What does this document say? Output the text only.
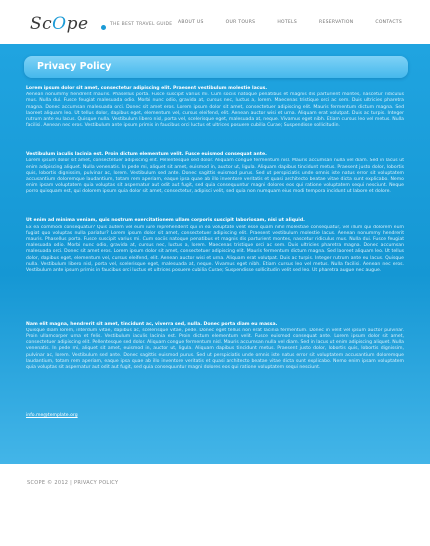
ScOpe	THE BEST TRAVEL GUIDE ABOUT US	OUR TOURS	HOTELS	RESERVATION	CONTACTS
Privacy Policy

Lorem ipsum dolor sit amet, consectetur adipiscing elit. Praesent vestibulum molestie lacus.
Aenean nonummy hendrerit mauris. Phasellus porta. Fusce suscipit varius mi. Cum sociis natoque penatibus et magnis dis parturient montes, nascetur ridiculus mus. Nulla dui. Fusce feugiat malesuada odio. Morbi nunc odio, gravida at, cursus nec, luctus a, lorem. Maecenas tristique orci ac sem. Duis ultricies pharetra magna. Donec accumsan malesuada orci. Donec sit amet eros. Lorem ipsum dolor sit amet, consectetuer adipiscing elit. Mauris fermentum dictum magna. Sed laoreet aliquam leo. Ut tellus dolor, dapibus eget, elementum vel, cursus eleifend, elit. Aenean auctor wisi et urna. Aliquam erat volutpat. Duis ac turpis. Integer rutrum ante eu lacus. Quisque nulla. Vestibulum libero nisl, porta vel, scelerisque eget, malesuada at, neque. Vivamus eget nibh. Etiam cursus leo vel metus. Nulla facilisi. Aenean nec eros. Vestibulum ante ipsum primis in faucibus orci luctus et ultrices posuere cubilia Curae; Suspendisse sollicitudin.

Vestibulum iaculis lacinia est. Proin dictum elementum velit. Fusce euismod consequat ante.
Lorem ipsum dolor sit amet, consectetuer adipiscing elit. Pellentesque sed dolor. Aliquam congue fermentum nisl. Mauris accumsan nulla vel diam. Sed in lacus ut enim adipiscing aliquet. Nulla venenatis. In pede mi, aliquet sit amet, euismod in, auctor ut, ligula. Aliquam dapibus tincidunt metus. Praesent justo dolor, lobortis quis, lobortis dignissim, pulvinar ac, lorem. Vestibulum sed ante. Donec sagittis euismod purus. Sed ut perspiciatis unde omnis iste natus error sit voluptatem accusantium doloremque laudantium, totam rem aperiam, eaque ipsa quae ab illo inventore veritatis et quasi architecto beatae vitae dicta sunt explicabo. Nemo enim ipsam voluptatem quia voluptas sit aspernatur aut odit aut fugit, sed quia consequuntur magni dolores eos qui ratione voluptatem sequi nesciunt. Neque porro quisquam est, qui dolorem ipsum quia dolor sit amet, consectetur, adipisci velit, sed quia non numquam eius modi tempora incidunt ut labore et dolore.

Ut enim ad minima veniam, quis nostrum exercitationem ullam corporis suscipit laboriosam, nisi ut aliquid.
Ex ea commodi consequatur? Quis autem vel eum iure reprehenderit qui in ea voluptate velit esse quam nihil molestiae consequatur, vel illum qui dolorem eum fugiat quo voluptas nulla pariatur? Lorem ipsum dolor sit amet, consectetuer adipiscing elit. Praesent vestibulum molestie lacus. Aenean nonummy hendrerit mauris. Phasellus porta. Fusce suscipit varius mi. Cum sociis natoque penatibus et magnis dis parturient montes, nascetur ridiculus mus. Nulla dui. Fusce feugiat malesuada odio. Morbi nunc odio, gravida at, cursus nec, luctus a, lorem. Maecenas tristique orci ac sem. Duis ultricies pharetra magna. Donec accumsan malesuada orci. Donec sit amet eros. Lorem ipsum dolor sit amet, consectetuer adipiscing elit. Mauris fermentum dictum magna. Sed laoreet aliquam leo. Ut tellus dolor, dapibus eget, elementum vel, cursus eleifend, elit. Aenean auctor wisi et urna. Aliquam erat volutpat. Duis ac turpis. Integer rutrum ante eu lacus. Quisque nulla. Vestibulum libero nisl, porta vel, scelerisque eget, malesuada at, neque. Vivamus eget nibh. Etiam cursus leo vel metus. Nulla facilisi. Aenean nec eros. Vestibulum ante ipsum primis in faucibus orci luctus et ultrices posuere cubilia Curae; Suspendisse sollicitudin velit sed leo. Ut pharetra augue nec augue.

Nam elit magna, hendrerit sit amet, tincidunt ac, viverra sed, nulla. Donec porta diam eu massa.
Quisque diam lorem, interdum vitae, dapibus ac, scelerisque vitae, pede. Donec eget tellus non erat lacinia fermentum. Donec in velit vel ipsum auctor pulvinar. Proin ullamcorper urna et felis. Vestibulum iaculis lacinia est. Proin dictum elementum velit. Fusce euismod consequat ante. Lorem ipsum dolor sit amet, consectetuer adipiscing elit. Pellentesque sed dolor. Aliquam congue fermentum nisl. Mauris accumsan nulla vel diam. Sed in lacus ut enim adipiscing aliquet. Nulla venenatis. In pede mi, aliquet sit amet, euismod in, auctor ut, ligula. Aliquam dapibus tincidunt metus. Praesent justo dolor, lobortis quis, lobortis dignissim, pulvinar ac, lorem. Vestibulum sed ante. Donec sagittis euismod purus. Sed ut perspiciatis unde omnis iste natus error sit voluptatem accusantium doloremque laudantium, totam rem aperiam, eaque ipsa quae ab illo inventore veritatis et quasi architecto beatae vitae dicta sunt explicabo. Nemo enim ipsam voluptatem quia voluptas sit aspernatur aut odit aut fugit, sed quia consequuntur magni dolores eos qui ratione voluptatem sequi nesciunt.

info.me@template.org
SCOPE © 2012 | PRIVACY POLICY
